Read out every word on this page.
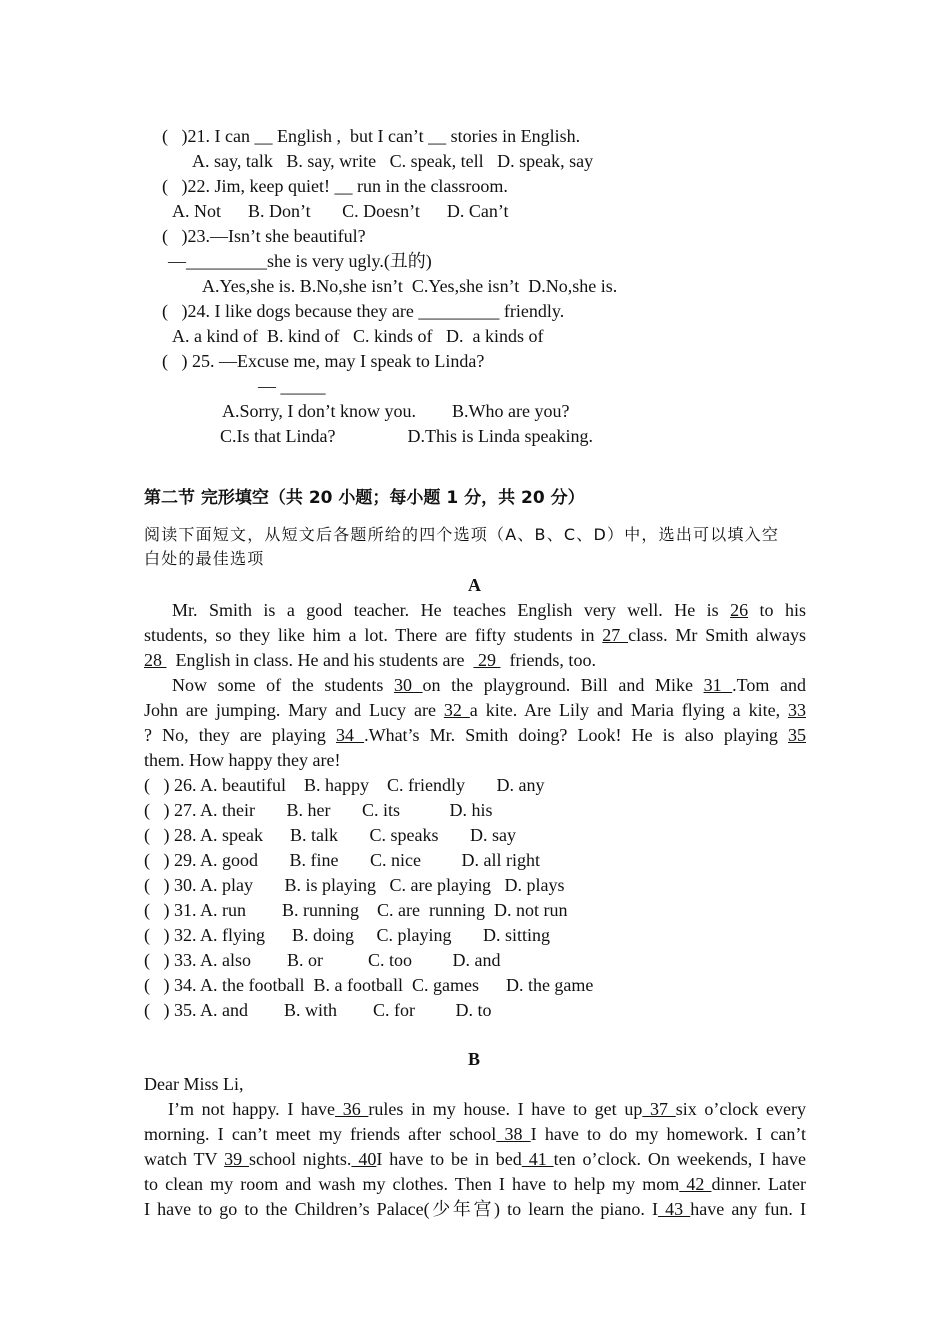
(   )21. I can __ English ,  but I can’t __ stories in English.
A. say, talk   B. say, write   C. speak, tell   D. speak, say
(   )22. Jim, keep quiet! __ run in the classroom.
A. Not      B. Don’t       C. Doesn’t      D. Can’t
(   )23.—Isn’t she beautiful?
—_________she is very ugly.(丑的)
A.Yes,she is. B.No,she isn’t  C.Yes,she isn’t  D.No,she is.
(   )24. I like dogs because they are _________ friendly.
A. a kind of  B. kind of   C. kinds of   D.  a kinds of
(   ) 25. —Excuse me, may I speak to Linda?
— _____
A.Sorry, I don’t know you.        B.Who are you?
C.Is that Linda?                D.This is Linda speaking.
第二节 完形填空（共 20 小题；每小题 1 分，共 20 分）
阅读下面短文，从短文后各题所给的四个选项（A、B、C、D）中，选出可以填入空
白处的最佳选项
A
Mr. Smith is a good teacher. He teaches English very well. He is 26 to his
students, so they like him a lot. There are fifty students in 27 class. Mr Smith always
28   English in class. He and his students are   29   friends, too.
Now some of the students 30 on the playground. Bill and Mike 31 .Tom and
John are jumping. Mary and Lucy are 32 a kite. Are Lily and Maria flying a kite, 33
? No, they are playing 34 .What’s Mr. Smith doing? Look! He is also playing 35
them. How happy they are!
(   ) 26. A. beautiful    B. happy    C. friendly       D. any
(   ) 27. A. their       B. her       C. its           D. his
(   ) 28. A. speak      B. talk       C. speaks       D. say
(   ) 29. A. good       B. fine       C. nice         D. all right
(   ) 30. A. play       B. is playing   C. are playing   D. plays
(   ) 31. A. run        B. running    C. are  running  D. not run
(   ) 32. A. flying      B. doing     C. playing       D. sitting
(   ) 33. A. also        B. or          C. too         D. and
(   ) 34. A. the football  B. a football  C. games      D. the game
(   ) 35. A. and        B. with        C. for         D. to
B
Dear Miss Li,
I’m not happy. I have 36 rules in my house. I have to get up 37 six o’clock every
morning. I can’t meet my friends after school 38 I have to do my homework. I can’t
watch TV 39 school nights. 40I have to be in bed 41 ten o’clock. On weekends, I have
to clean my room and wash my clothes. Then I have to help my mom 42 dinner. Later
I have to go to the Children’s Palace(少年宫) to learn the piano. I 43 have any fun. I
